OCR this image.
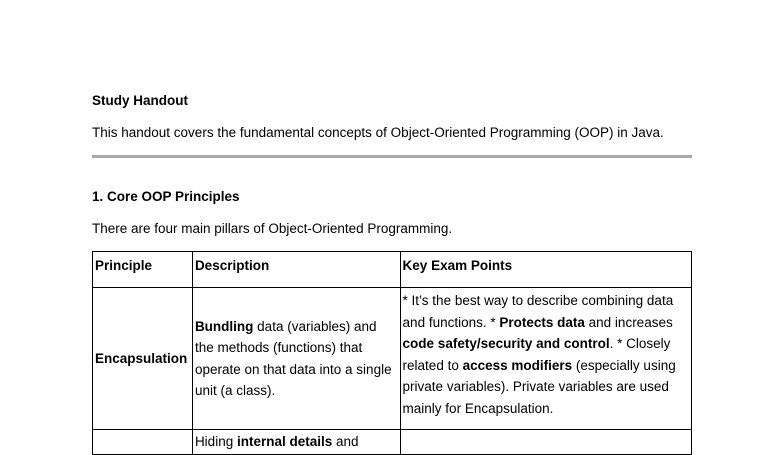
Study Handout
This handout covers the fundamental concepts of Object-Oriented Programming (OOP) in Java.
1. Core OOP Principles
There are four main pillars of Object-Oriented Programming.
Principle	Description	Key Exam Points
Encapsulation	Bundling data (variables) and the methods (functions) that operate on that data into a single unit (a class).	* It’s the best way to describe combining data and functions. * Protects data and increases code safety/security and control. * Closely related to access modifiers (especially using private variables). Private variables are used mainly for Encapsulation.
	Hiding internal details and	
